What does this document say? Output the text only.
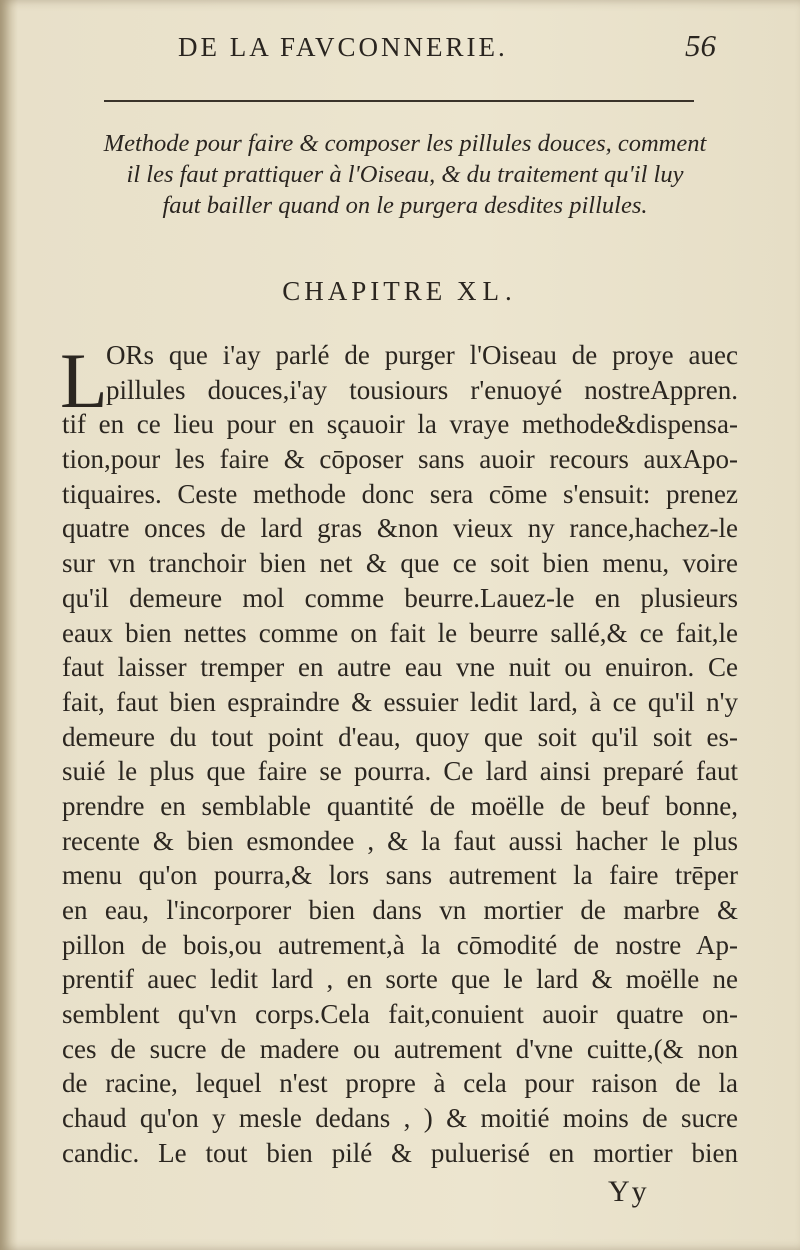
DE LA FAVCONNERIE.	56
Methode pour faire & composer les pillules douces, comment
il les faut prattiquer à l'Oiseau, & du traitement qu'il luy
faut bailler quand on le purgera desdites pillules.
CHAPITRE XL.
L
ORs que i'ay parlé de purger l'Oiseau de proye auec
pillules douces,i'ay tousiours r'enuoyé nostreAppren.
tif en ce lieu pour en sçauoir la vraye methode&dispensa-
tion,pour les faire & cōposer sans auoir recours auxApo-
tiquaires. Ceste methode donc sera cōme s'ensuit: prenez
quatre onces de lard gras &non vieux ny rance,hachez-le
sur vn tranchoir bien net & que ce soit bien menu, voire
qu'il demeure mol comme beurre.Lauez-le en plusieurs
eaux bien nettes comme on fait le beurre sallé,& ce fait,le
faut laisser tremper en autre eau vne nuit ou enuiron. Ce
fait, faut bien espraindre & essuier ledit lard, à ce qu'il n'y
demeure du tout point d'eau, quoy que soit qu'il soit es-
suié le plus que faire se pourra. Ce lard ainsi preparé faut
prendre en semblable quantité de moëlle de beuf bonne,
recente & bien esmondee , & la faut aussi hacher le plus
menu qu'on pourra,& lors sans autrement la faire trēper
en eau, l'incorporer bien dans vn mortier de marbre &
pillon de bois,ou autrement,à la cōmodité de nostre Ap-
prentif auec ledit lard , en sorte que le lard & moëlle ne
semblent qu'vn corps.Cela fait,conuient auoir quatre on-
ces de sucre de madere ou autrement d'vne cuitte,(& non
de racine, lequel n'est propre à cela pour raison de la
chaud qu'on y mesle dedans , ) & moitié moins de sucre
candic. Le tout bien pilé & puluerisé en mortier bien
Yy
